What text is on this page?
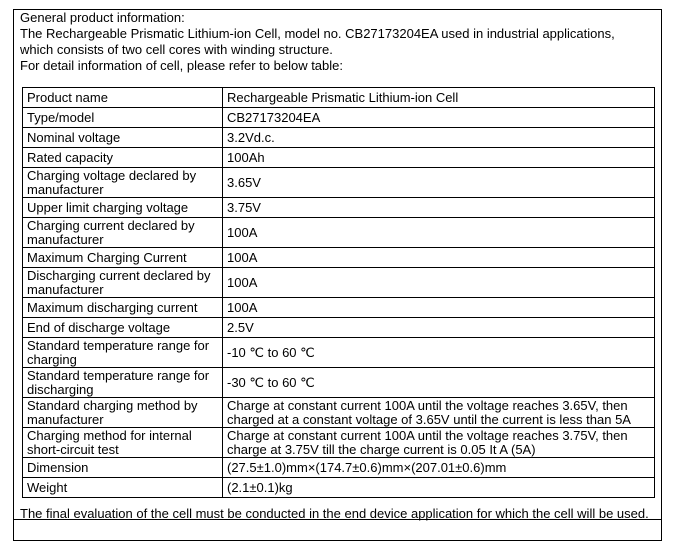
General product information:
The Rechargeable Prismatic Lithium-ion Cell, model no. CB27173204EA used in industrial applications,
which consists of two cell cores with winding structure.
For detail information of cell, please refer to below table:
Product name	Rechargeable Prismatic Lithium-ion Cell
Type/model	CB27173204EA
Nominal voltage	3.2Vd.c.
Rated capacity	100Ah
Charging voltage declared by manufacturer	3.65V
Upper limit charging voltage	3.75V
Charging current declared by manufacturer	100A
Maximum Charging Current	100A
Discharging current declared by manufacturer	100A
Maximum discharging current	100A
End of discharge voltage	2.5V
Standard temperature range for charging	-10 ℃ to 60 ℃
Standard temperature range for discharging	-30 ℃ to 60 ℃
Standard charging method by manufacturer	Charge at constant current 100A until the voltage reaches 3.65V, then charged at a constant voltage of 3.65V until the current is less than 5A
Charging method for internal short-circuit test	Charge at constant current 100A until the voltage reaches 3.75V, then charge at 3.75V till the charge current is 0.05 It A (5A)
Dimension	(27.5±1.0)mm×(174.7±0.6)mm×(207.01±0.6)mm
Weight	(2.1±0.1)kg
The final evaluation of the cell must be conducted in the end device application for which the cell will be used.
